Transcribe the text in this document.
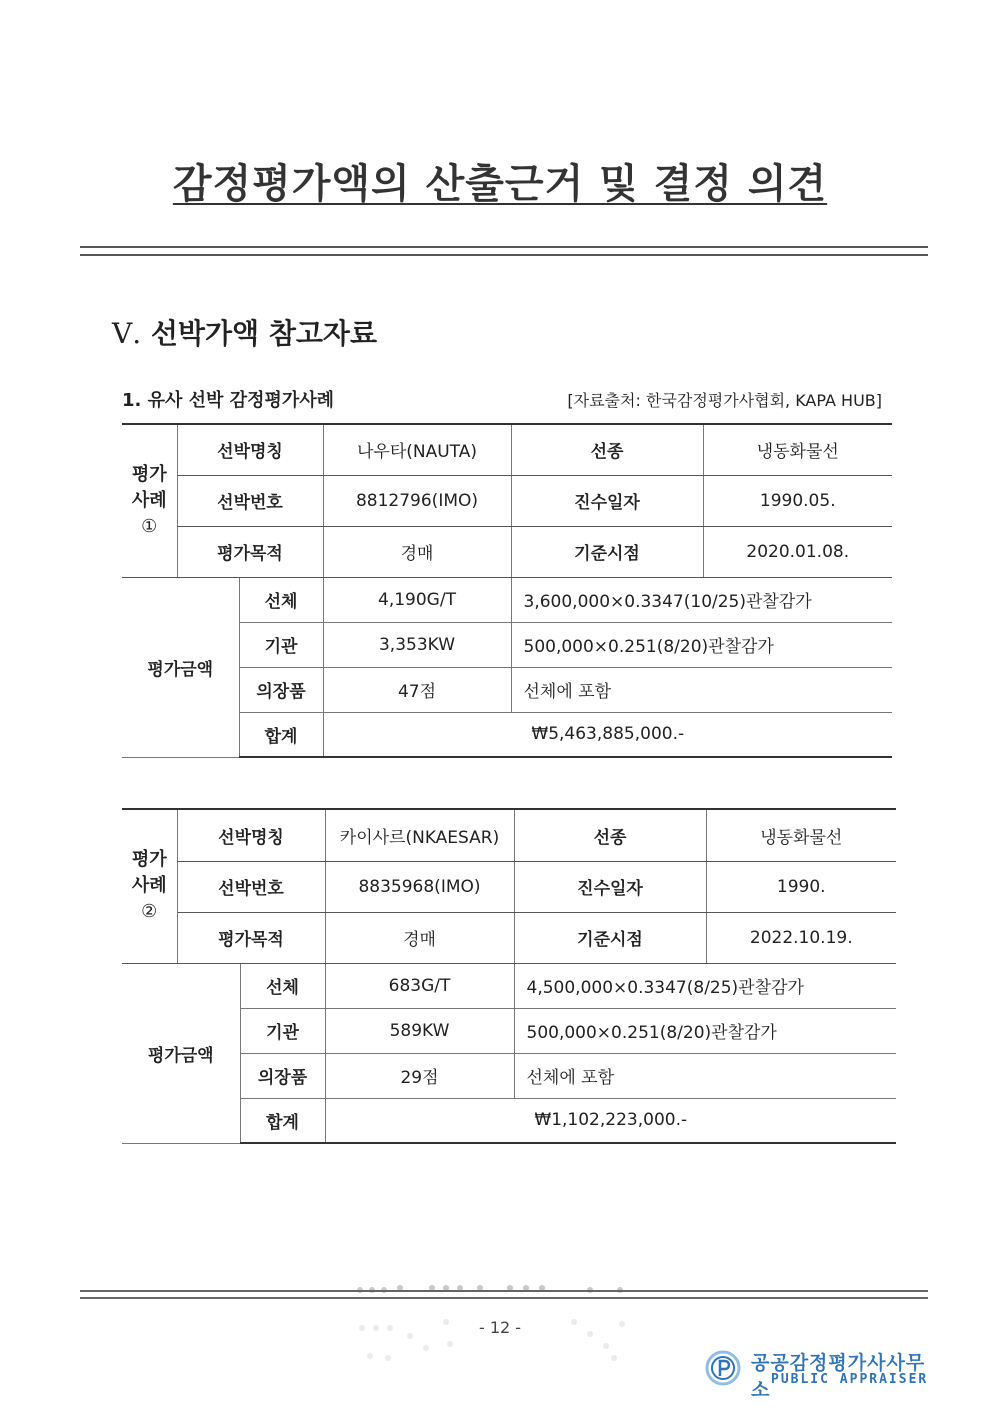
감정평가액의 산출근거 및 결정 의견
Ⅴ. 선박가액 참고자료
1. 유사 선박 감정평가사례	[자료출처: 한국감정평가사협회, KAPA HUB]
평가
사례
①	선박명칭		나우타(NAUTA)	선종	냉동화물선
	선박번호		8812796(IMO)	진수일자	1990.05.
	평가목적		경매	기준시점	2020.01.08.
평가금액		선체	4,190G/T	3,600,000×0.3347(10/25)관찰감가	
		기관	3,353KW	500,000×0.251(8/20)관찰감가	
		의장품	47점	선체에 포함	
		합계	₩5,463,885,000.-		
평가
사례
②	선박명칭		카이사르(NKAESAR)	선종	냉동화물선
	선박번호		8835968(IMO)	진수일자	1990.
	평가목적		경매	기준시점	2022.10.19.
평가금액		선체	683G/T	4,500,000×0.3347(8/25)관찰감가	
		기관	589KW	500,000×0.251(8/20)관찰감가	
		의장품	29점	선체에 포함	
		합계	₩1,102,223,000.-		
- 12 -
공공감정평가사사무소 PUBLIC APPRAISER
